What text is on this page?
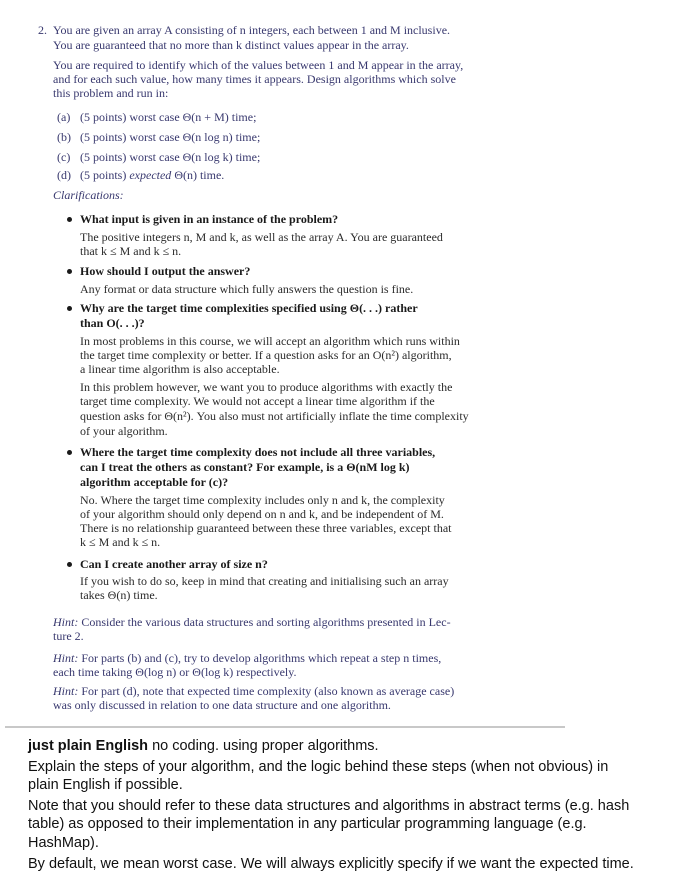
2. You are given an array A consisting of n integers, each between 1 and M inclusive.
You are guaranteed that no more than k distinct values appear in the array.
You are required to identify which of the values between 1 and M appear in the array,
and for each such value, how many times it appears. Design algorithms which solve
this problem and run in:
(a) (5 points) worst case Θ(n + M) time;
(b) (5 points) worst case Θ(n log n) time;
(c) (5 points) worst case Θ(n log k) time;
(d) (5 points) expected Θ(n) time.
Clarifications:
What input is given in an instance of the problem?
The positive integers n, M and k, as well as the array A. You are guaranteed
that k ≤ M and k ≤ n.
How should I output the answer?
Any format or data structure which fully answers the question is fine.
Why are the target time complexities specified using Θ(. . .) rather
than O(. . .)?
In most problems in this course, we will accept an algorithm which runs within
the target time complexity or better. If a question asks for an O(n²) algorithm,
a linear time algorithm is also acceptable.
In this problem however, we want you to produce algorithms with exactly the
target time complexity. We would not accept a linear time algorithm if the
question asks for Θ(n²). You also must not artificially inflate the time complexity
of your algorithm.
Where the target time complexity does not include all three variables,
can I treat the others as constant? For example, is a Θ(nM log k)
algorithm acceptable for (c)?
No. Where the target time complexity includes only n and k, the complexity
of your algorithm should only depend on n and k, and be independent of M.
There is no relationship guaranteed between these three variables, except that
k ≤ M and k ≤ n.
Can I create another array of size n?
If you wish to do so, keep in mind that creating and initialising such an array
takes Θ(n) time.
Hint: Consider the various data structures and sorting algorithms presented in Lec-
ture 2.
Hint: For parts (b) and (c), try to develop algorithms which repeat a step n times,
each time taking Θ(log n) or Θ(log k) respectively.
Hint: For part (d), note that expected time complexity (also known as average case)
was only discussed in relation to one data structure and one algorithm.
just plain English no coding. using proper algorithms.
Explain the steps of your algorithm, and the logic behind these steps (when not obvious) in
plain English if possible.
Note that you should refer to these data structures and algorithms in abstract terms (e.g. hash
table) as opposed to their implementation in any particular programming language (e.g.
HashMap).
By default, we mean worst case. We will always explicitly specify if we want the expected time.
